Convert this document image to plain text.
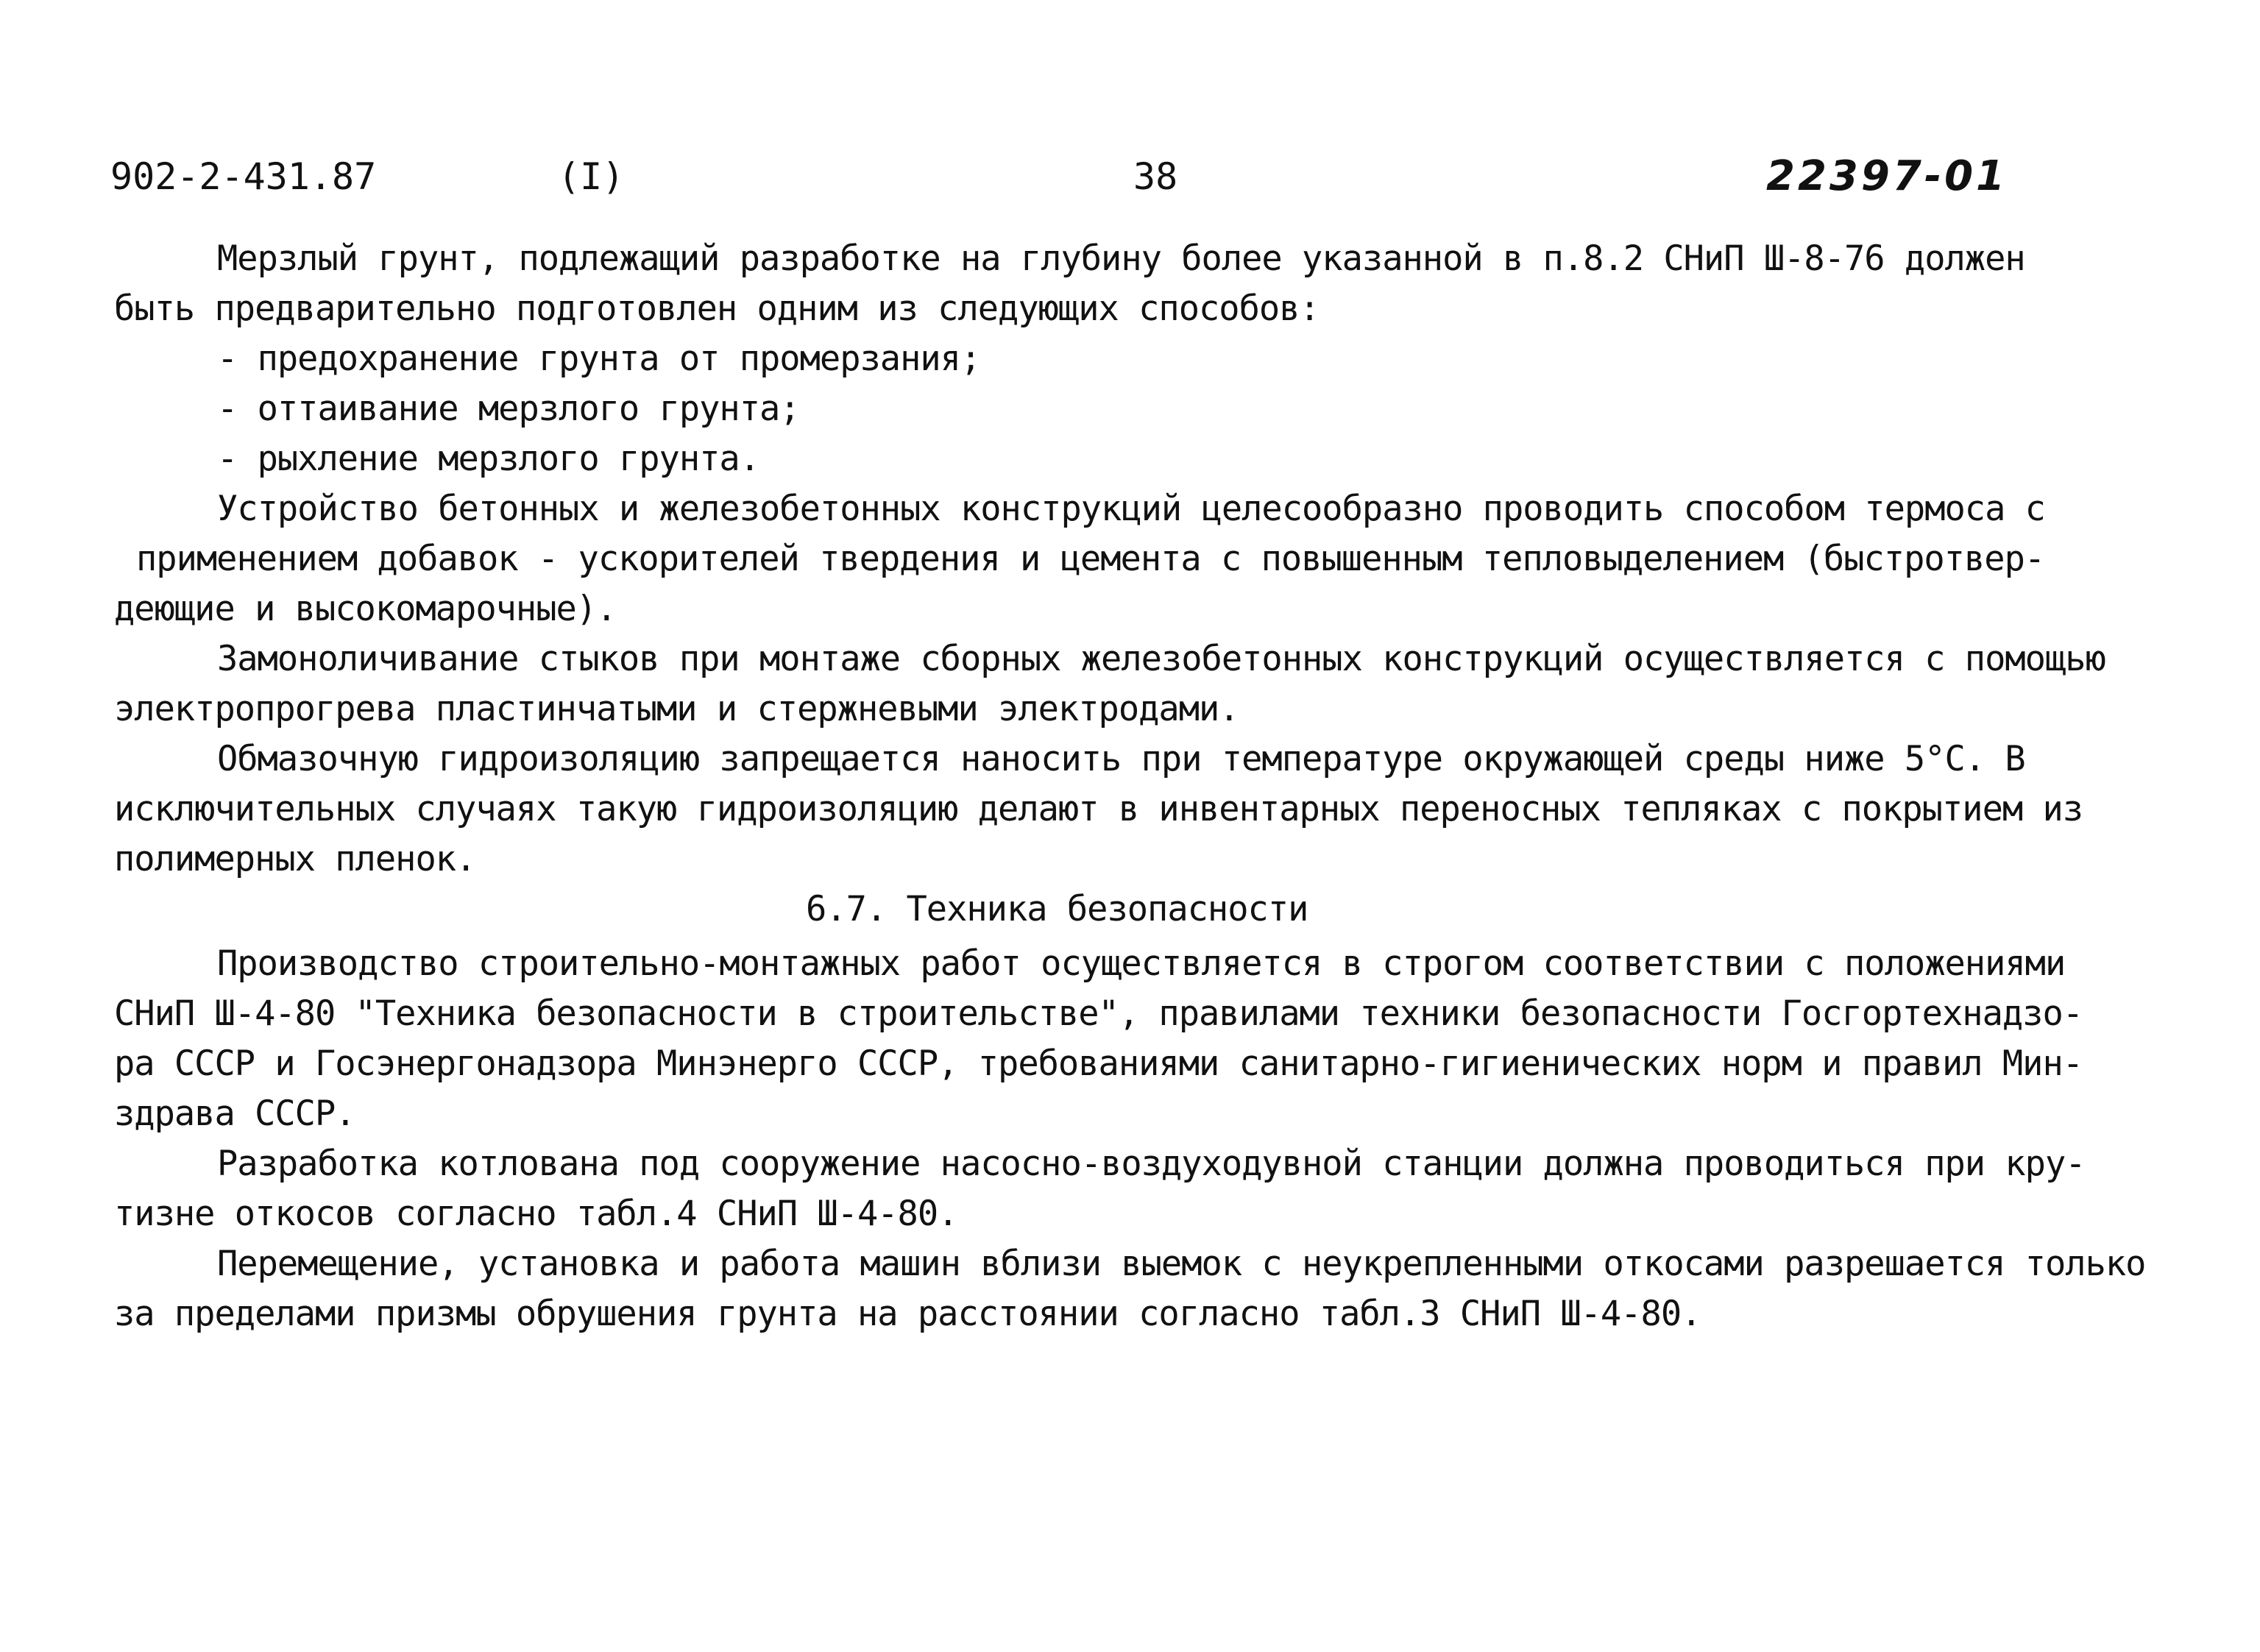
902-2-431.87	(I)	38	22397-01
Мерзлый грунт, подлежащий разработке на глубину более указанной в п.8.2 СНиП Ш-8-76 должен
быть предварительно подготовлен одним из следующих способов:
- предохранение грунта от промерзания;
- оттаивание мерзлого грунта;
- рыхление мерзлого грунта.
Устройство бетонных и железобетонных конструкций целесообразно проводить способом термоса с
применением добавок - ускорителей твердения и цемента с повышенным тепловыделением (быстротвер-
деющие и высокомарочные).
Замоноличивание стыков при монтаже сборных железобетонных конструкций осуществляется с помощью
электропрогрева пластинчатыми и стержневыми электродами.
Обмазочную гидроизоляцию запрещается наносить при температуре окружающей среды ниже 5°С. В
исключительных случаях такую гидроизоляцию делают в инвентарных переносных тепляках с покрытием из
полимерных пленок.
6.7. Техника безопасности
Производство строительно-монтажных работ осуществляется в строгом соответствии с положениями
СНиП Ш-4-80 "Техника безопасности в строительстве", правилами техники безопасности Госгортехнадзо-
ра СССР и Госэнергонадзора Минэнерго СССР, требованиями санитарно-гигиенических норм и правил Мин-
здрава СССР.
Разработка котлована под сооружение насосно-воздуходувной станции должна проводиться при кру-
тизне откосов согласно табл.4 СНиП Ш-4-80.
Перемещение, установка и работа машин вблизи выемок с неукрепленными откосами разрешается только
за пределами призмы обрушения грунта на расстоянии согласно табл.3 СНиП Ш-4-80.
